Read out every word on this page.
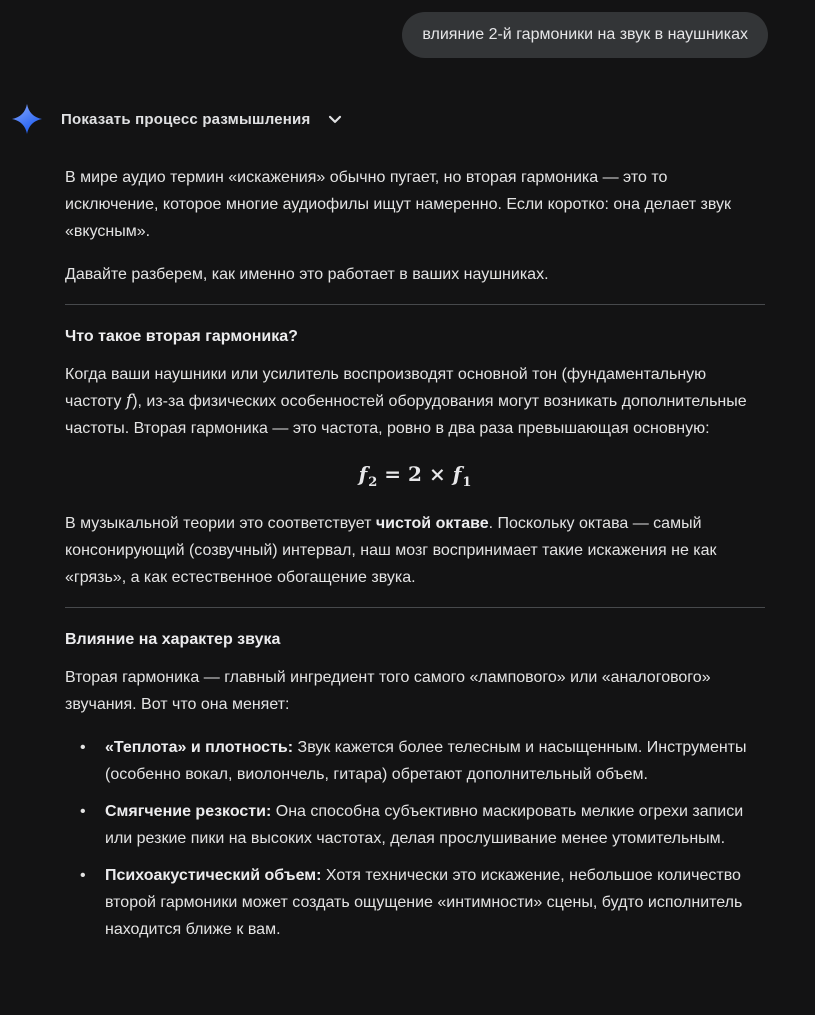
влияние 2-й гармоники на звук в наушниках
Показать процесс размышления

В мире аудио термин «искажения» обычно пугает, но вторая гармоника — это то исключение, которое многие аудиофилы ищут намеренно. Если коротко: она делает звук «вкусным».

Давайте разберем, как именно это работает в ваших наушниках.

Что такое вторая гармоника?

Когда ваши наушники или усилитель воспроизводят основной тон (фундаментальную частоту f), из-за физических особенностей оборудования могут возникать дополнительные частоты. Вторая гармоника — это частота, ровно в два раза превышающая основную:

$f_2 = 2 \times f_1$

В музыкальной теории это соответствует чистой октаве. Поскольку октава — самый консонирующий (созвучный) интервал, наш мозг воспринимает такие искажения не как «грязь», а как естественное обогащение звука.

Влияние на характер звука

Вторая гармоника — главный ингредиент того самого «лампового» или «аналогового» звучания. Вот что она меняет:

• «Теплота» и плотность: Звук кажется более телесным и насыщенным. Инструменты (особенно вокал, виолончель, гитара) обретают дополнительный объем.
• Смягчение резкости: Она способна субъективно маскировать мелкие огрехи записи или резкие пики на высоких частотах, делая прослушивание менее утомительным.
• Психоакустический объем: Хотя технически это искажение, небольшое количество второй гармоники может создать ощущение «интимности» сцены, будто исполнитель находится ближе к вам.
